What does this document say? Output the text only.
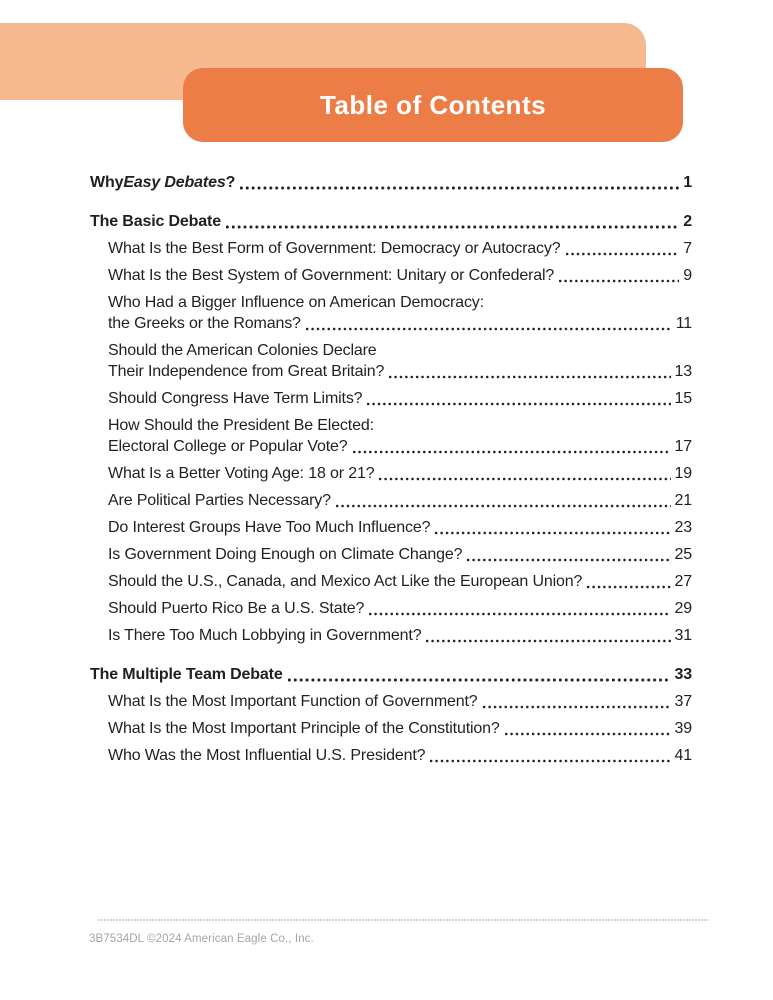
Table of Contents
Why Easy Debates ?	1
The Basic Debate	2
What Is the Best Form of Government: Democracy or Autocracy?	7
What Is the Best System of Government: Unitary or Confederal?	9
Who Had a Bigger Influence on American Democracy:
the Greeks or the Romans?	11
Should the American Colonies Declare
Their Independence from Great Britain?	13
Should Congress Have Term Limits?	15
How Should the President Be Elected:
Electoral College or Popular Vote?	17
What Is a Better Voting Age: 18 or 21?	19
Are Political Parties Necessary?	21
Do Interest Groups Have Too Much Influence?	23
Is Government Doing Enough on Climate Change?	25
Should the U.S., Canada, and Mexico Act Like the European Union?	27
Should Puerto Rico Be a U.S. State?	29
Is There Too Much Lobbying in Government?	31
The Multiple Team Debate	33
What Is the Most Important Function of Government?	37
What Is the Most Important Principle of the Constitution?	39
Who Was the Most Influential U.S. President?	41
3B7534DL ©2024 American Eagle Co., Inc.
